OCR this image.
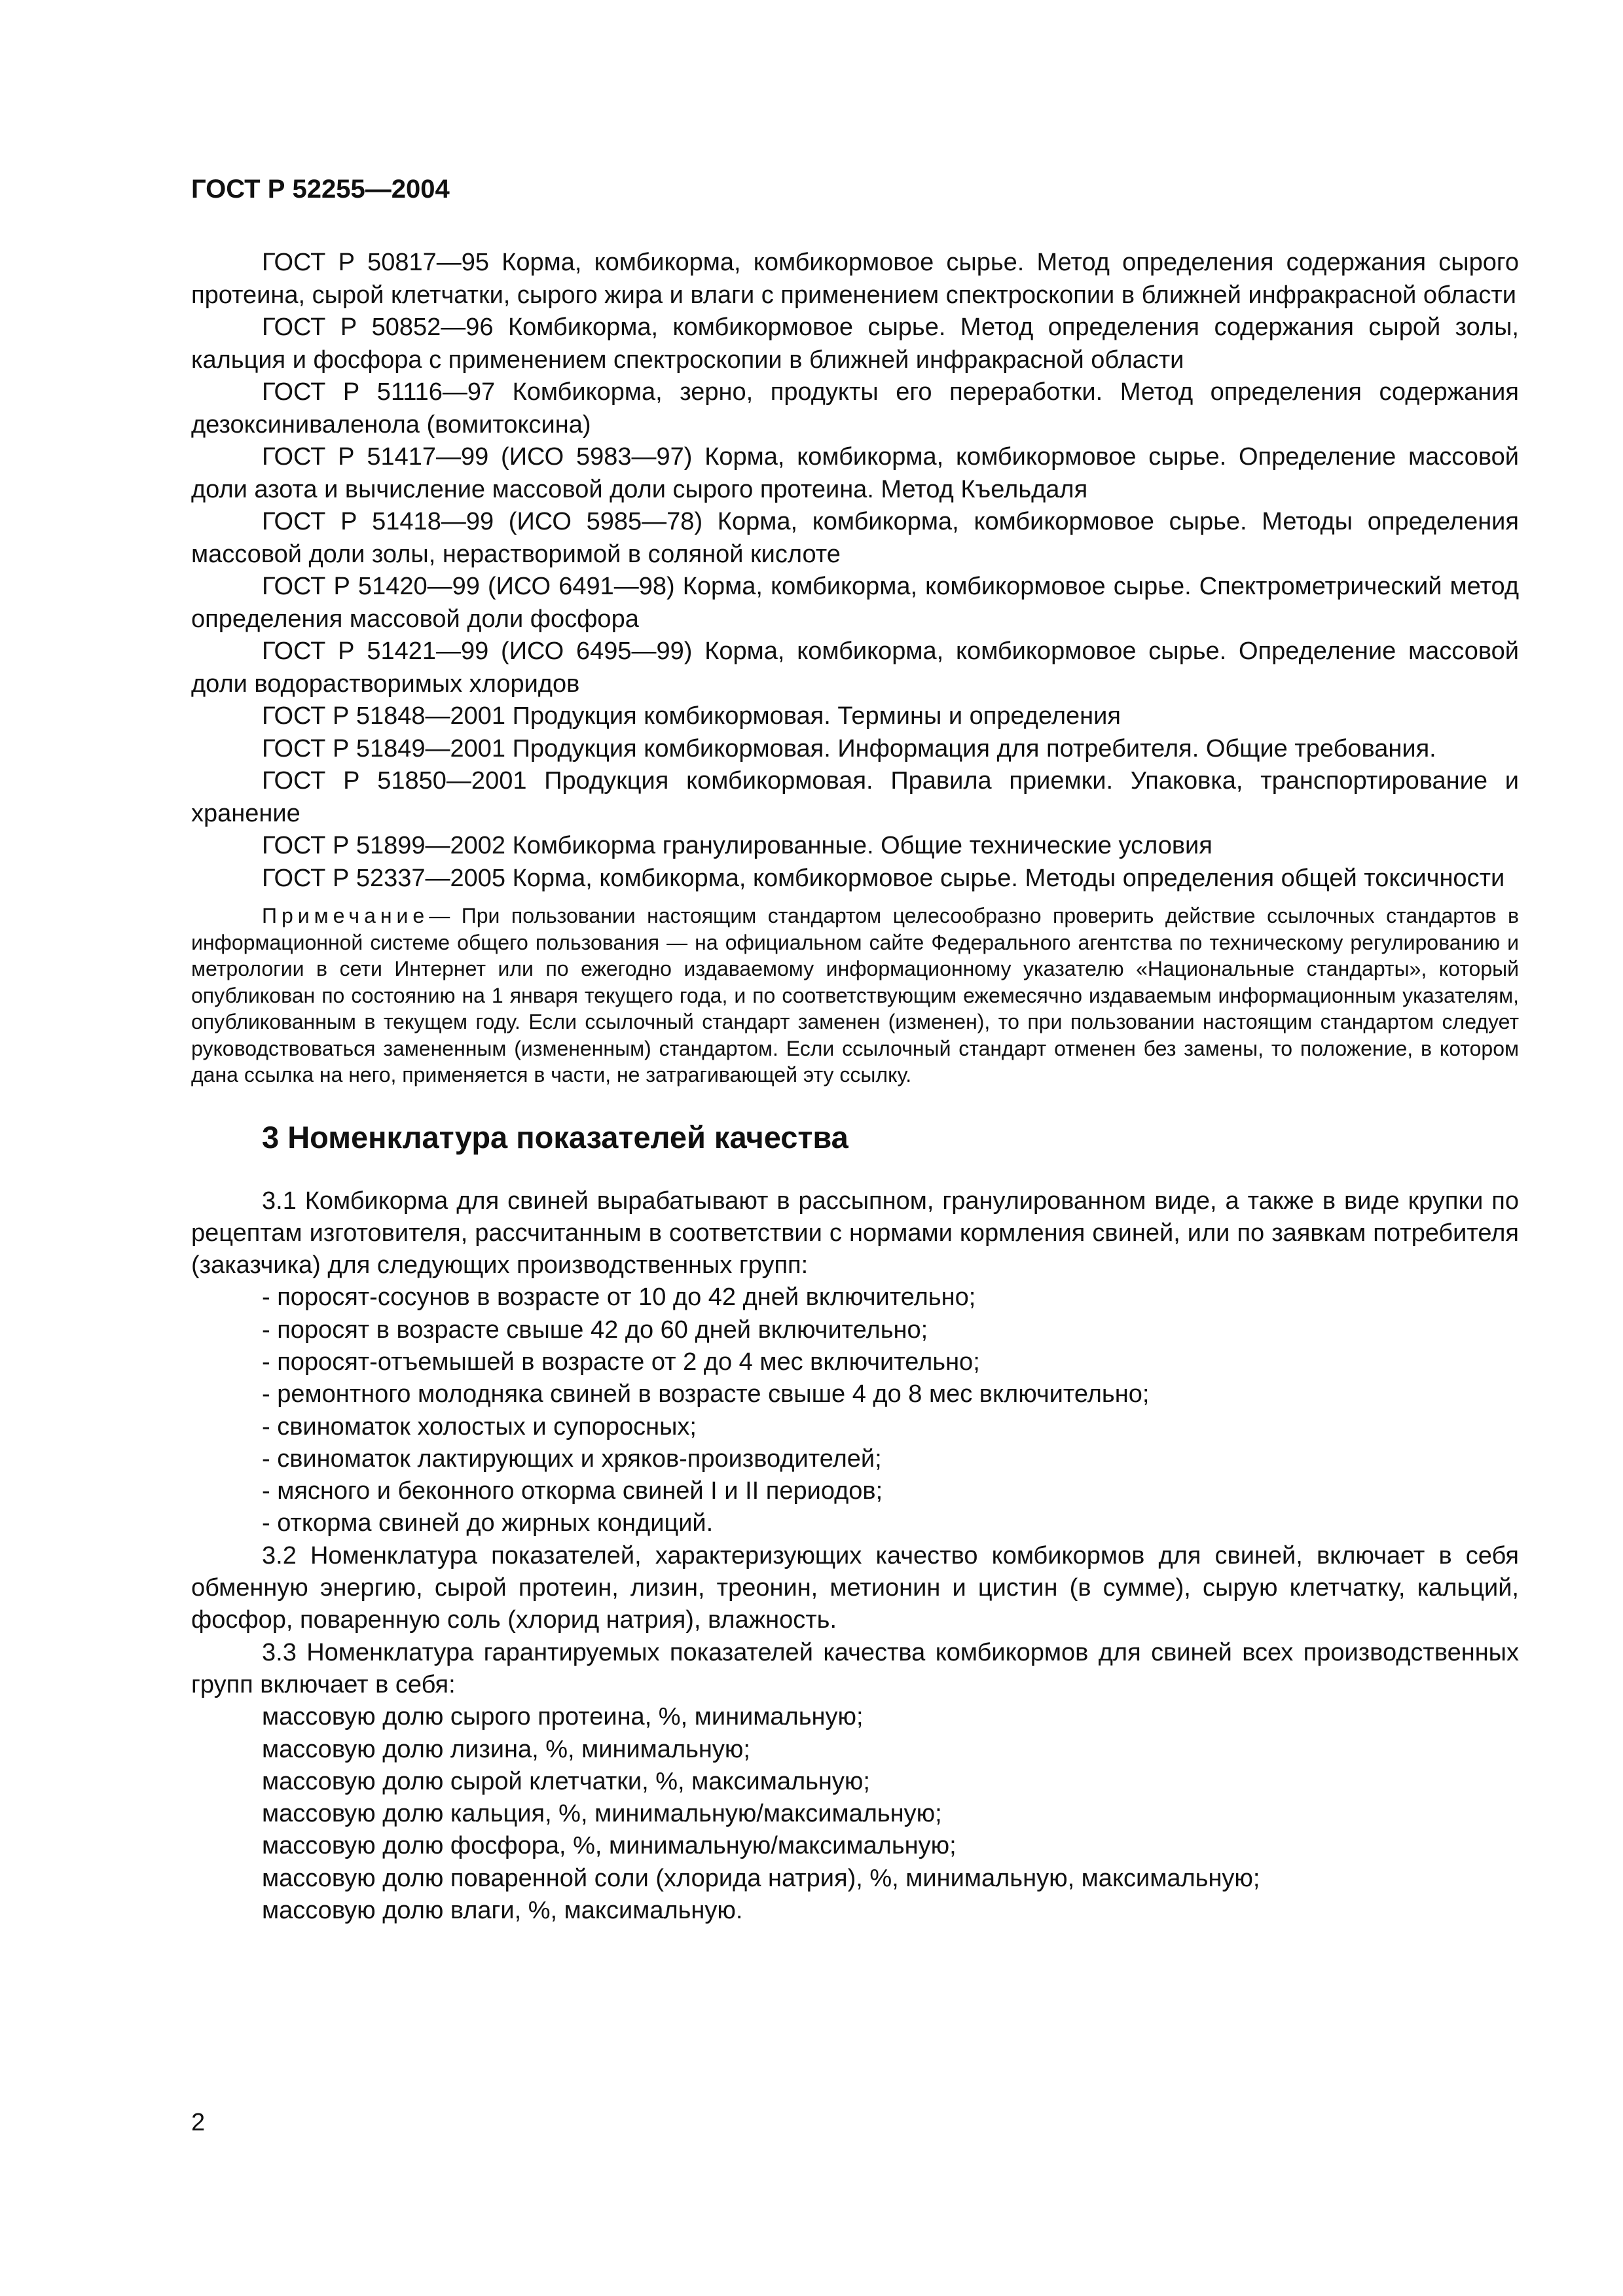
ГОСТ Р 52255—2004

ГОСТ Р 50817—95 Корма, комбикорма, комбикормовое сырье. Метод определения содержания сырого протеина, сырой клетчатки, сырого жира и влаги с применением спектроскопии в ближней инфракрасной области

ГОСТ Р 50852—96 Комбикорма, комбикормовое сырье. Метод определения содержания сырой золы, кальция и фосфора с применением спектроскопии в ближней инфракрасной области

ГОСТ Р 51116—97 Комбикорма, зерно, продукты его переработки. Метод определения содержания дезоксиниваленола (вомитоксина)

ГОСТ Р 51417—99 (ИСО 5983—97) Корма, комбикорма, комбикормовое сырье. Определение массовой доли азота и вычисление массовой доли сырого протеина. Метод Къельдаля

ГОСТ Р 51418—99 (ИСО 5985—78) Корма, комбикорма, комбикормовое сырье. Методы определения массовой доли золы, нерастворимой в соляной кислоте

ГОСТ Р 51420—99 (ИСО 6491—98) Корма, комбикорма, комбикормовое сырье. Спектрометрический метод определения массовой доли фосфора

ГОСТ Р 51421—99 (ИСО 6495—99) Корма, комбикорма, комбикормовое сырье. Определение массовой доли водорастворимых хлоридов

ГОСТ Р 51848—2001 Продукция комбикормовая. Термины и определения

ГОСТ Р 51849—2001 Продукция комбикормовая. Информация для потребителя. Общие требования.

ГОСТ Р 51850—2001 Продукция комбикормовая. Правила приемки. Упаковка, транспортирование и хранение

ГОСТ Р 51899—2002 Комбикорма гранулированные. Общие технические условия

ГОСТ Р 52337—2005 Корма, комбикорма, комбикормовое сырье. Методы определения общей токсичности

Примечание— При пользовании настоящим стандартом целесообразно проверить действие ссылочных стандартов в информационной системе общего пользования — на официальном сайте Федерального агентства по техническому регулированию и метрологии в сети Интернет или по ежегодно издаваемому информационному указателю «Национальные стандарты», который опубликован по состоянию на 1 января текущего года, и по соответствующим ежемесячно издаваемым информационным указателям, опубликованным в текущем году. Если ссылочный стандарт заменен (изменен), то при пользовании настоящим стандартом следует руководствоваться замененным (измененным) стандартом. Если ссылочный стандарт отменен без замены, то положение, в котором дана ссылка на него, применяется в части, не затрагивающей эту ссылку.

3 Номенклатура показателей качества

3.1 Комбикорма для свиней вырабатывают в рассыпном, гранулированном виде, а также в виде крупки по рецептам изготовителя, рассчитанным в соответствии с нормами кормления свиней, или по заявкам потребителя (заказчика) для следующих производственных групп:

- поросят-сосунов в возрасте от 10 до 42 дней включительно;

- поросят в возрасте свыше 42 до 60 дней включительно;

- поросят-отъемышей в возрасте от 2 до 4 мес включительно;

- ремонтного молодняка свиней в возрасте свыше 4 до 8 мес включительно;

- свиноматок холостых и супоросных;

- свиноматок лактирующих и хряков-производителей;

- мясного и беконного откорма свиней I и II периодов;

- откорма свиней до жирных кондиций.

3.2 Номенклатура показателей, характеризующих качество комбикормов для свиней, включает в себя обменную энергию, сырой протеин, лизин, треонин, метионин и цистин (в сумме), сырую клетчатку, кальций, фосфор, поваренную соль (хлорид натрия), влажность.

3.3 Номенклатура гарантируемых показателей качества комбикормов для свиней всех производственных групп включает в себя:

массовую долю сырого протеина, %, минимальную;

массовую долю лизина, %, минимальную;

массовую долю сырой клетчатки, %, максимальную;

массовую долю кальция, %, минимальную/максимальную;

массовую долю фосфора, %, минимальную/максимальную;

массовую долю поваренной соли (хлорида натрия), %, минимальную, максимальную;

массовую долю влаги, %, максимальную.

2
